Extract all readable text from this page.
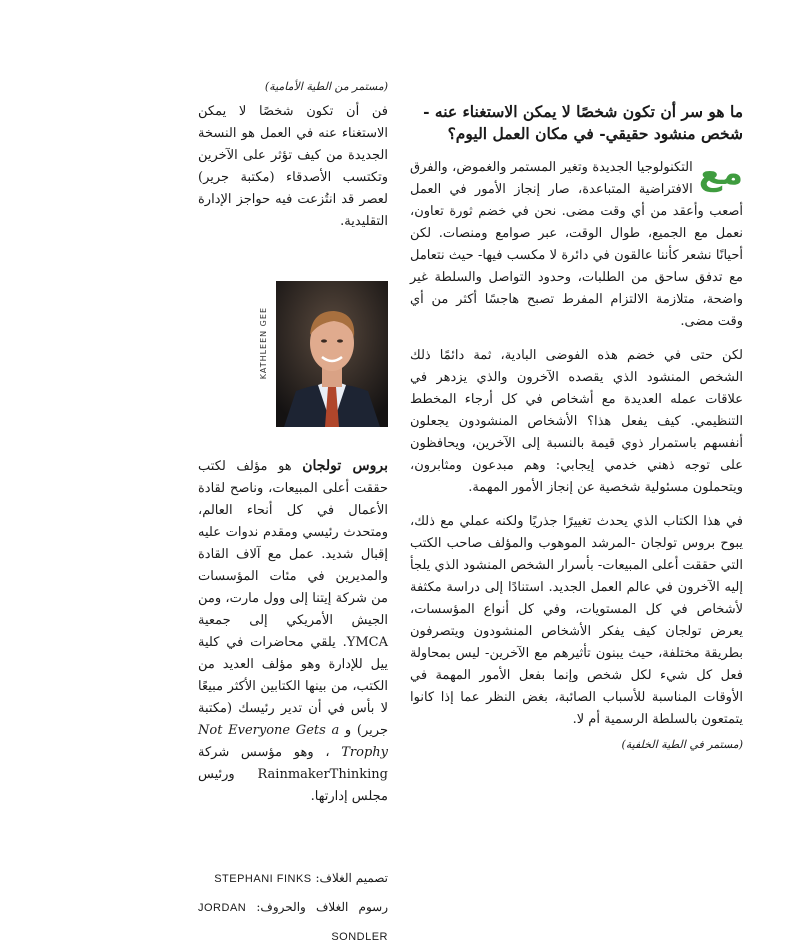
ما هو سر أن تكون شخصًا لا يمكن الاستغناء عنه - شخص منشود حقيقي- في مكان العمل اليوم؟

مع
التكنولوجيا الجديدة وتغير المستمر والغموض، والفرق الافتراضية المتباعدة، صار إنجاز الأمور في العمل أصعب وأعقد من أي وقت مضى. نحن في خضم ثورة تعاون، نعمل مع الجميع، طوال الوقت، عبر صوامع ومنصات. لكن أحيانًا نشعر كأننا عالقون في دائرة لا مكسب فيها- حيث نتعامل مع تدفق ساحق من الطلبات، وحدود التواصل والسلطة غير واضحة، متلازمة الالتزام المفرط تصبح هاجسًا أكثر من أي وقت مضى.

لكن حتى في خضم هذه الفوضى البادية، ثمة دائمًا ذلك الشخص المنشود الذي يقصده الآخرون والذي يزدهر في علاقات عمله العديدة مع أشخاص في كل أرجاء المخطط التنظيمي. كيف يفعل هذا؟ الأشخاص المنشودون يجعلون أنفسهم باستمرار ذوي قيمة بالنسبة إلى الآخرين، ويحافظون على توجه ذهني خدمي إيجابي: وهم مبدعون ومثابرون، ويتحملون مسئولية شخصية عن إنجاز الأمور المهمة.

في هذا الكتاب الذي يحدث تغييرًا جذريًا ولكنه عملي مع ذلك، يبوح بروس تولجان -المرشد الموهوب والمؤلف صاحب الكتب التي حققت أعلى المبيعات- بأسرار الشخص المنشود الذي يلجأ إليه الآخرون في عالم العمل الجديد. استنادًا إلى دراسة مكثفة لأشخاص في كل المستويات، وفي كل أنواع المؤسسات، يعرض تولجان كيف يفكر الأشخاص المنشودون ويتصرفون بطريقة مختلفة، حيث يبنون تأثيرهم مع الآخرين- ليس بمحاولة فعل كل شيء لكل شخص وإنما بفعل الأمور المهمة في الأوقات المناسبة للأسباب الصائبة، بغض النظر عما إذا كانوا يتمتعون بالسلطة الرسمية أم لا.

(مستمر في الطية الخلفية)

(مستمر من الطية الأمامية)

فن أن تكون شخصًا لا يمكن الاستغناء عنه في العمل هو النسخة الجديدة من كيف تؤثر على الآخرين وتكتسب الأصدقاء (مكتبة جرير) لعصر قد انتُزعت فيه حواجز الإدارة التقليدية.

KATHLEEN GEE

بروس تولجان هو مؤلف لكتب حققت أعلى المبيعات، وناصح لقادة الأعمال في كل أنحاء العالم، ومتحدث رئيسي ومقدم ندوات عليه إقبال شديد. عمل مع آلاف القادة والمديرين في مئات المؤسسات من شركة إيتنا إلى وول مارت، ومن الجيش الأمريكي إلى جمعية YMCA. يلقي محاضرات في كلية ييل للإدارة وهو مؤلف العديد من الكتب، من بينها الكتابين الأكثر مبيعًا لا بأس في أن تدير رئيسك (مكتبة جرير) و Not Everyone Gets a Trophy ، وهو مؤسس شركة RainmakerThinking ورئيس مجلس إدارتها.

تصميم الغلاف: STEPHANI FINKS
رسوم الغلاف والحروف: JORDAN SONDLER
